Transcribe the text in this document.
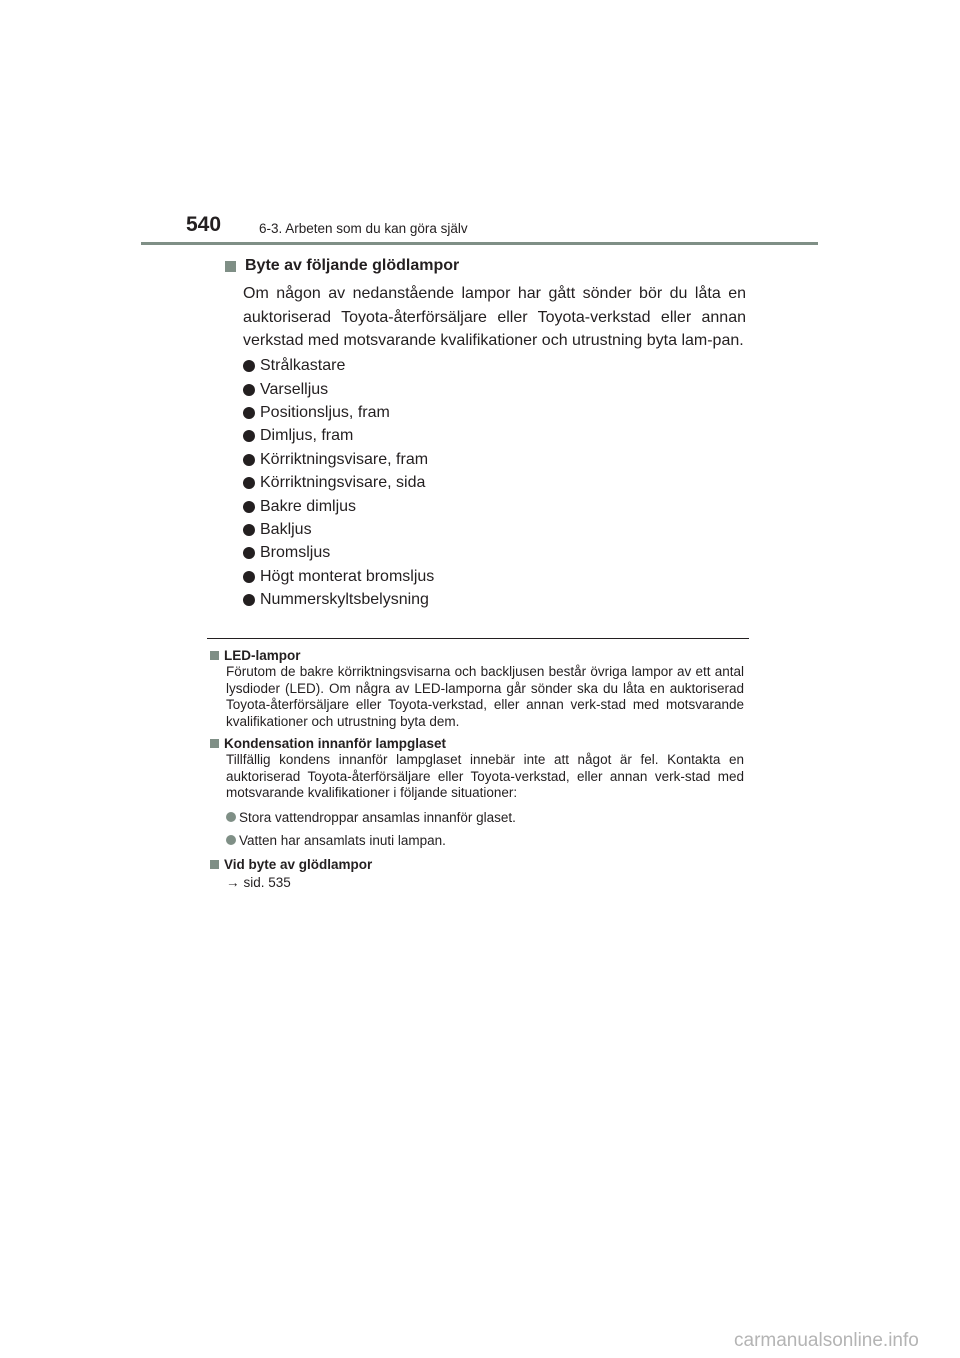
540	6-3. Arbeten som du kan göra själv
Byte av följande glödlampor

Om någon av nedanstående lampor har gått sönder bör du låta en auktoriserad Toyota-återförsäljare eller Toyota-verkstad eller annan verkstad med motsvarande kvalifikationer och utrustning byta lam-pan.

Strålkastare
Varselljus
Positionsljus, fram
Dimljus, fram
Körriktningsvisare, fram
Körriktningsvisare, sida
Bakre dimljus
Bakljus
Bromsljus
Högt monterat bromsljus
Nummerskyltsbelysning
LED-lampor
Förutom de bakre körriktningsvisarna och backljusen består övriga lampor av ett antal lysdioder (LED). Om några av LED-lamporna går sönder ska du låta en auktoriserad Toyota-återförsäljare eller Toyota-verkstad, eller annan verk-stad med motsvarande kvalifikationer och utrustning byta dem.
Kondensation innanför lampglaset
Tillfällig kondens innanför lampglaset innebär inte att något är fel. Kontakta en auktoriserad Toyota-återförsäljare eller Toyota-verkstad, eller annan verk-stad med motsvarande kvalifikationer i följande situationer:
Stora vattendroppar ansamlas innanför glaset.
Vatten har ansamlats inuti lampan.
Vid byte av glödlampor
→ sid. 535
carmanualsonline.info
